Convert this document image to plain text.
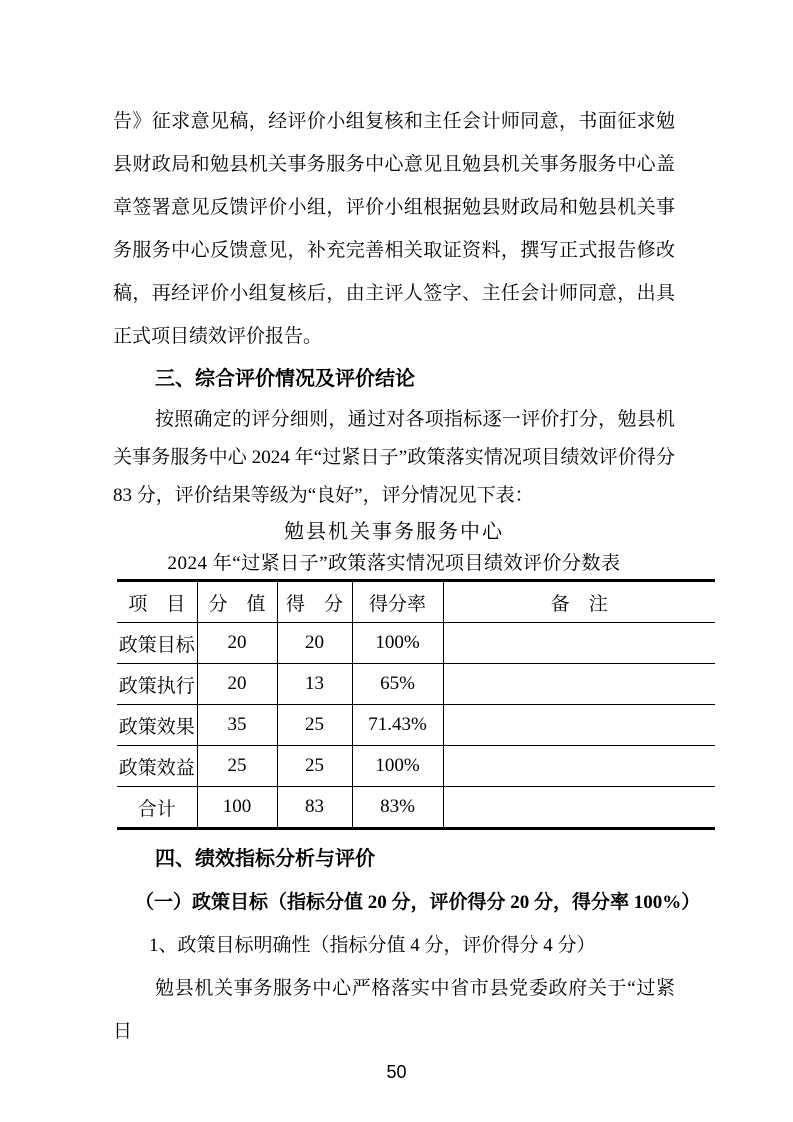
告》征求意见稿，经评价小组复核和主任会计师同意，书面征求勉县财政局和勉县机关事务服务中心意见且勉县机关事务服务中心盖章签署意见反馈评价小组，评价小组根据勉县财政局和勉县机关事务服务中心反馈意见，补充完善相关取证资料，撰写正式报告修改稿，再经评价小组复核后，由主评人签字、主任会计师同意，出具正式项目绩效评价报告。

三、综合评价情况及评价结论

按照确定的评分细则，通过对各项指标逐一评价打分，勉县机关事务服务中心 2024 年“过紧日子”政策落实情况项目绩效评价得分 83 分，评价结果等级为“良好”，评分情况见下表：

勉县机关事务服务中心

2024 年“过紧日子”政策落实情况项目绩效评价分数表

项　目	分　值	得　分	得分率	备　注
政策目标	20	20	100%	
政策执行	20	13	65%	
政策效果	35	25	71.43%	
政策效益	25	25	100%	
合计	100	83	83%	

四、绩效指标分析与评价

（一）政策目标（指标分值 20 分，评价得分 20 分，得分率 100%）

1、政策目标明确性（指标分值 4 分，评价得分 4 分）

勉县机关事务服务中心严格落实中省市县党委政府关于“过紧日

50
